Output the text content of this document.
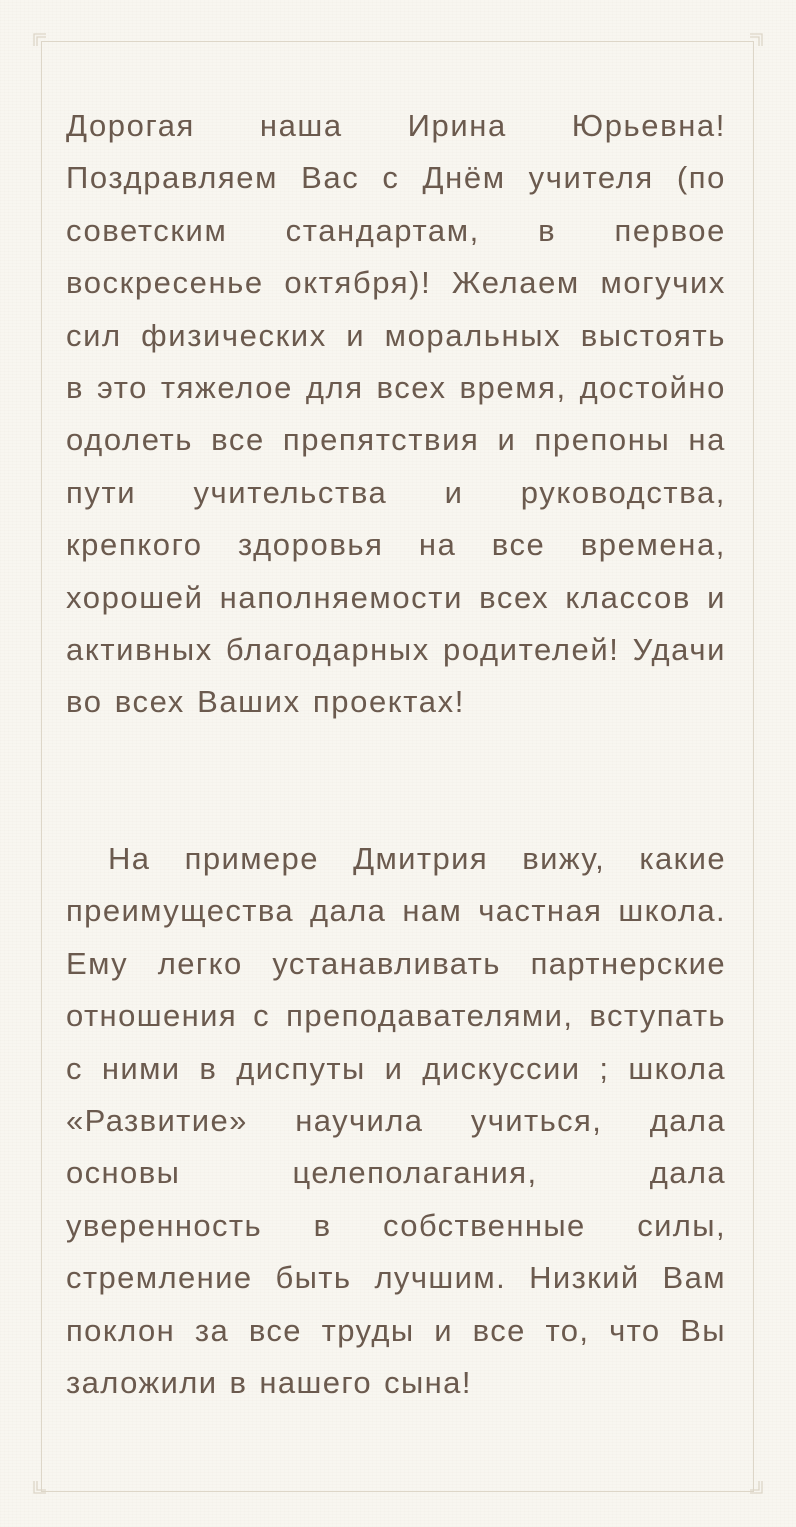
Дорогая наша Ирина Юрьевна! Поздравляем Вас с Днём учителя (по советским стандартам, в первое воскресенье октября)! Желаем могучих сил физических и моральных выстоять в это тяжелое для всех время, достойно одолеть все препятствия и препоны на пути учительства и руководства, крепкого здоровья на все времена, хорошей наполняемости всех классов и активных благодарных родителей! Удачи во всех Ваших проектах!

На примере Дмитрия вижу, какие преимущества дала нам частная школа. Ему легко устанавливать партнерские отношения с преподавателями, вступать с ними в диспуты и дискуссии ; школа «Развитие» научила учиться, дала основы целеполагания, дала уверенность в собственные силы, стремление быть лучшим. Низкий Вам поклон за все труды и все то, что Вы заложили в нашего сына!
